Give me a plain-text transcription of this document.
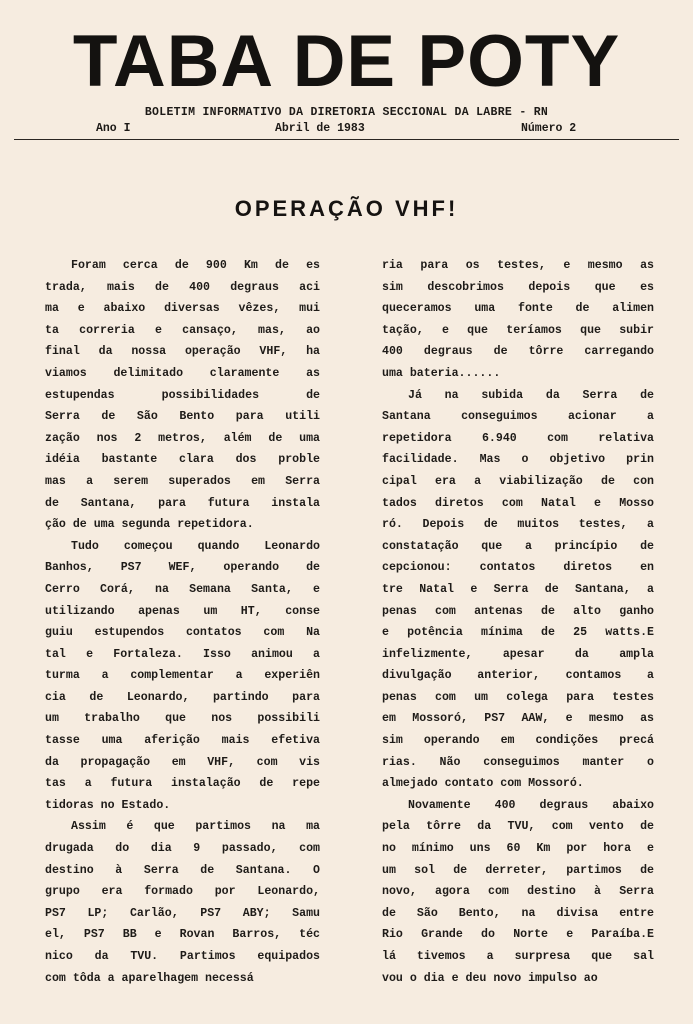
TABA DE POTY
BOLETIM INFORMATIVO DA DIRETORIA SECCIONAL DA LABRE - RN
Ano I	Abril de 1983	Número 2
OPERAÇÃO VHF!
Foram cerca de 900 Km de es
trada, mais de 400 degraus aci
ma e abaixo diversas vêzes, mui
ta correria e cansaço, mas, ao
final da nossa operação VHF, ha
viamos delimitado claramente as
estupendas possibilidades de
Serra de São Bento para utili
zação nos 2 metros, além de uma
idéia bastante clara dos proble
mas a serem superados em Serra
de Santana, para futura instala
ção de uma segunda repetidora.
Tudo começou quando Leonardo
Banhos, PS7 WEF, operando de
Cerro Corá, na Semana Santa, e
utilizando apenas um HT, conse
guiu estupendos contatos com Na
tal e Fortaleza. Isso animou a
turma a complementar a experiên
cia de Leonardo, partindo para
um trabalho que nos possibili
tasse uma aferição mais efetiva
da propagação em VHF, com vis
tas a futura instalação de repe
tidoras no Estado.
Assim é que partimos na ma
drugada do dia 9 passado, com
destino à Serra de Santana. O
grupo era formado por Leonardo,
PS7 LP; Carlão, PS7 ABY; Samu
el, PS7 BB e Rovan Barros, téc
nico da TVU. Partimos equipados
com tôda a aparelhagem necessá
ria para os testes, e mesmo as
sim descobrimos depois que es
queceramos uma fonte de alimen
tação, e que teríamos que subir
400 degraus de tôrre carregando
uma bateria......
Já na subida da Serra de
Santana conseguimos acionar a
repetidora 6.940 com relativa
facilidade. Mas o objetivo prin
cipal era a viabilização de con
tados diretos com Natal e Mosso
ró. Depois de muitos testes, a
constatação que a princípio de
cepcionou: contatos diretos en
tre Natal e Serra de Santana, a
penas com antenas de alto ganho
e potência mínima de 25 watts.E
infelizmente, apesar da ampla
divulgação anterior, contamos a
penas com um colega para testes
em Mossoró, PS7 AAW, e mesmo as
sim operando em condições precá
rias. Não conseguimos manter o
almejado contato com Mossoró.
Novamente 400 degraus abaixo
pela tôrre da TVU, com vento de
no mínimo uns 60 Km por hora e
um sol de derreter, partimos de
novo, agora com destino à Serra
de São Bento, na divisa entre
Rio Grande do Norte e Paraíba.E
lá tivemos a surpresa que sal
vou o dia e deu novo impulso ao
